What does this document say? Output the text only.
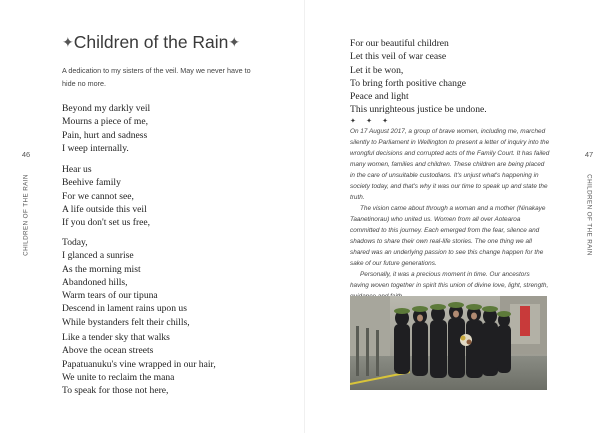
✦Children of the Rain✦
A dedication to my sisters of the veil. May we never have to hide no more.
Beyond my darkly veil
Mourns a piece of me,
Pain, hurt and sadness
I weep internally.
Hear us
Beehive family
For we cannot see,
A life outside this veil
If you don't set us free,
Today,
I glanced a sunrise
As the morning mist
Abandoned hills,
Warm tears of our tipuna
Descend in lament rains upon us
While bystanders felt their chills,
Like a tender sky that walks
Above the ocean streets
Papatuanuku's vine wrapped in our hair,
We unite to reclaim the mana
To speak for those not here,
46
CHILDREN OF THE RAIN
For our beautiful children
Let this veil of war cease
Let it be won,
To bring forth positive change
Peace and light
This unrighteous justice be undone.
✦ ✦ ✦

On 17 August 2017, a group of brave women, including me, marched silently to Parliament in Wellington to present a letter of inquiry into the wrongful decisions and corrupted acts of the Family Court. It has failed many women, families and children. These children are being placed in the care of unsuitable custodians. It's unjust what's happening in society today, and that's why it was our time to speak up and state the truth.

The vision came about through a woman and a mother (Ninakaye Taanetinorau) who united us. Women from all over Aotearoa committed to this journey. Each emerged from the fear, silence and shadows to share their own real-life stories. The one thing we all shared was an underlying passion to see this change happen for the sake of our future generations.

Personally, it was a precious moment in time. Our ancestors having woven together in spirit this union of divine love, light, strength,

47
CHILDREN OF THE RAIN
